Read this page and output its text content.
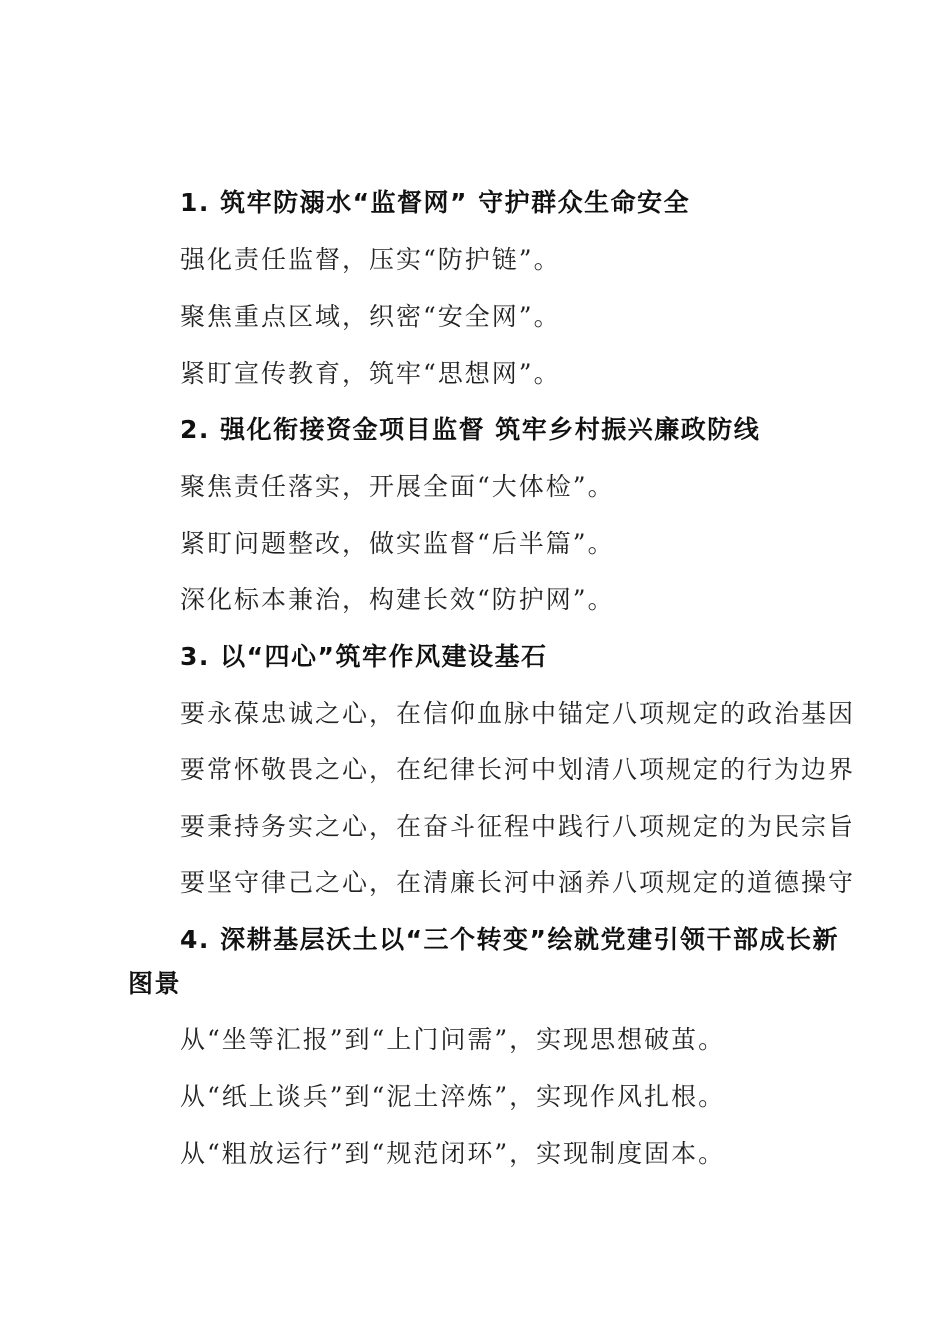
1. 筑牢防溺水“监督网” 守护群众生命安全
强化责任监督，压实“防护链”。
聚焦重点区域，织密“安全网”。
紧盯宣传教育，筑牢“思想网”。
2. 强化衔接资金项目监督 筑牢乡村振兴廉政防线
聚焦责任落实，开展全面“大体检”。
紧盯问题整改，做实监督“后半篇”。
深化标本兼治，构建长效“防护网”。
3. 以“四心”筑牢作风建设基石
要永葆忠诚之心，在信仰血脉中锚定八项规定的政治基因
要常怀敬畏之心，在纪律长河中划清八项规定的行为边界
要秉持务实之心，在奋斗征程中践行八项规定的为民宗旨
要坚守律己之心，在清廉长河中涵养八项规定的道德操守
4. 深耕基层沃土以“三个转变”绘就党建引领干部成长新
图景
从“坐等汇报”到“上门问需”，实现思想破茧。
从“纸上谈兵”到“泥土淬炼”，实现作风扎根。
从“粗放运行”到“规范闭环”，实现制度固本。
